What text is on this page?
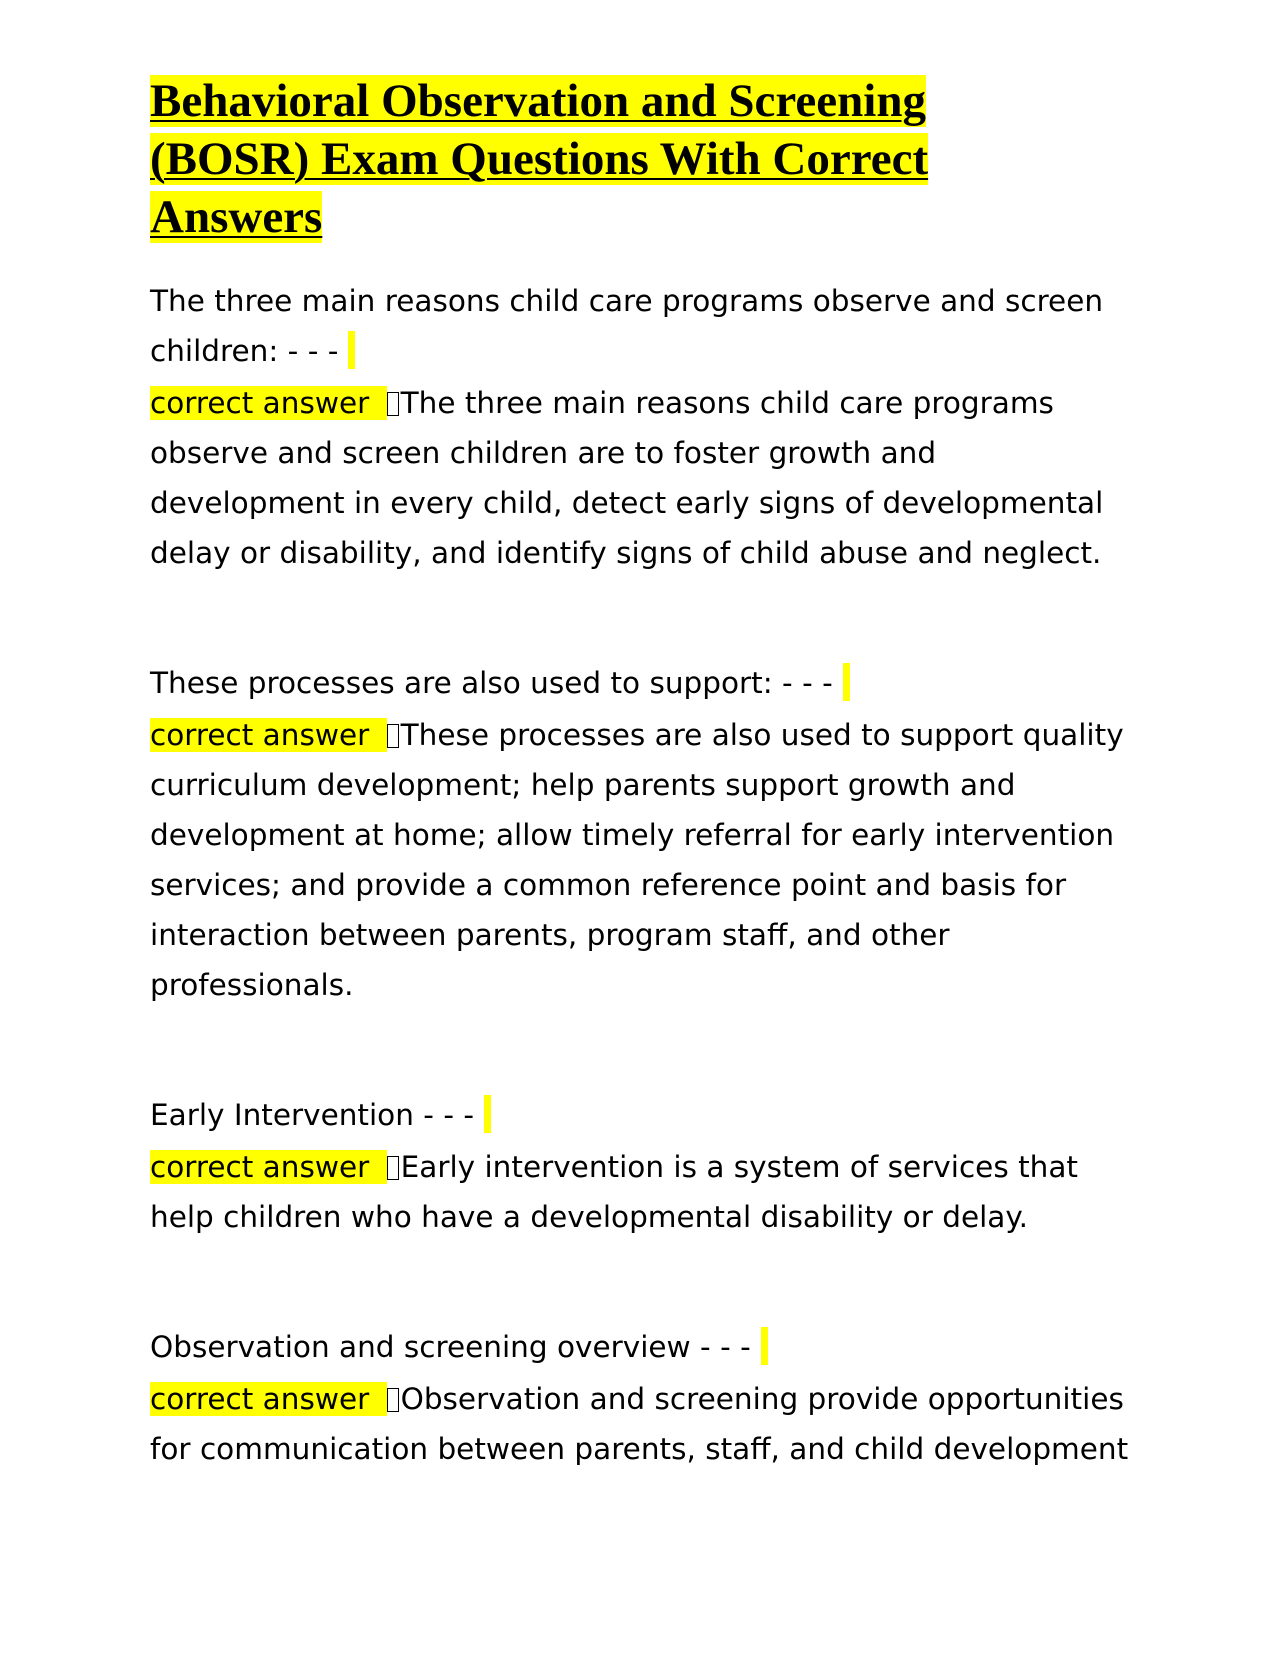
Behavioral Observation and Screening
(BOSR) Exam Questions With Correct
Answers

The three main reasons child care programs observe and screen children: - - -

correct answer The three main reasons child care programs observe and screen children are to foster growth and development in every child, detect early signs of developmental delay or disability, and identify signs of child abuse and neglect.

These processes are also used to support: - - -

correct answer These processes are also used to support quality curriculum development; help parents support growth and development at home; allow timely referral for early intervention services; and provide a common reference point and basis for interaction between parents, program staff, and other professionals.

Early Intervention - - -

correct answer Early intervention is a system of services that help children who have a developmental disability or delay.

Observation and screening overview - - -

correct answer Observation and screening provide opportunities for communication between parents, staff, and child development
